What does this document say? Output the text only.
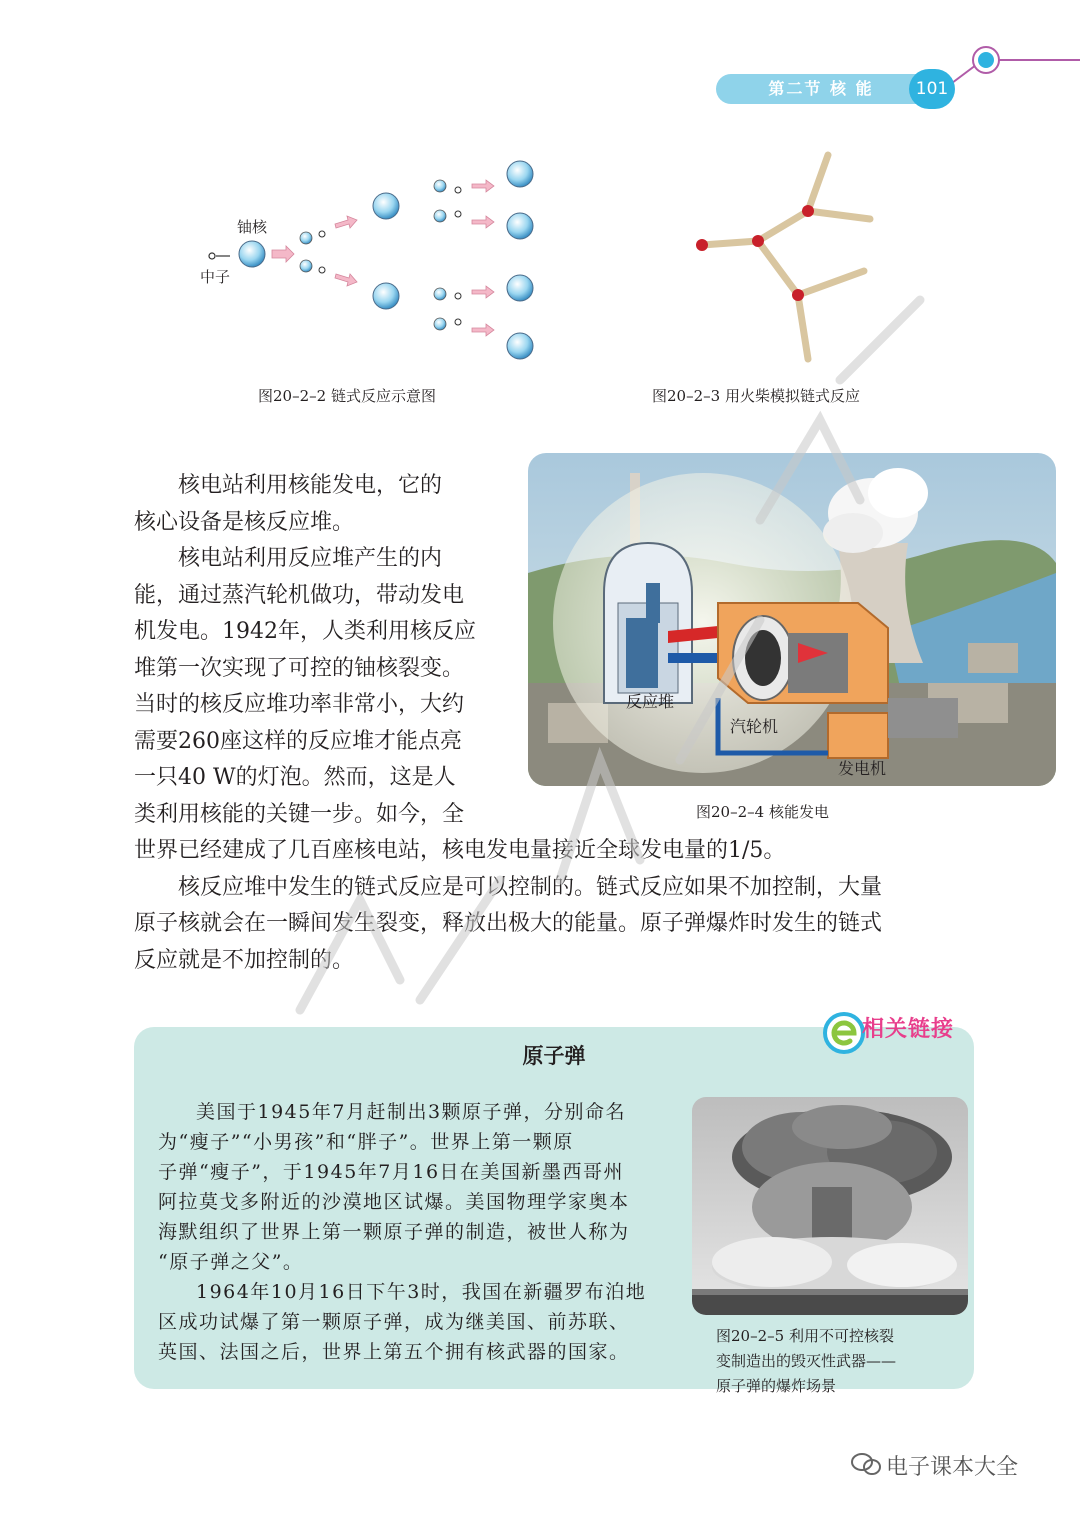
第二节 核 能	101
铀核
中子
图20–2–2 链式反应示意图	图20–2–3 用火柴模拟链式反应
核电站利用核能发电，它的
核心设备是核反应堆。
核电站利用反应堆产生的内
能，通过蒸汽轮机做功，带动发电
机发电。1942年，人类利用核反应
堆第一次实现了可控的铀核裂变。
当时的核反应堆功率非常小，大约
需要260座这样的反应堆才能点亮
一只40 W的灯泡。然而，这是人
类利用核能的关键一步。如今，全
世界已经建成了几百座核电站，核电发电量接近全球发电量的1/5。
核反应堆中发生的链式反应是可以控制的。链式反应如果不加控制，大量
原子核就会在一瞬间发生裂变，释放出极大的能量。原子弹爆炸时发生的链式
反应就是不加控制的。
反应堆
汽轮机
发电机
图20–2–4 核能发电
相关链接
原子弹
美国于1945年7月赶制出3颗原子弹，分别命名
为“瘦子”“小男孩”和“胖子”。世界上第一颗原
子弹“瘦子”，于1945年7月16日在美国新墨西哥州
阿拉莫戈多附近的沙漠地区试爆。美国物理学家奥本
海默组织了世界上第一颗原子弹的制造，被世人称为
“原子弹之父”。
1964年10月16日下午3时，我国在新疆罗布泊地
区成功试爆了第一颗原子弹，成为继美国、前苏联、
英国、法国之后，世界上第五个拥有核武器的国家。
图20–2–5 利用不可控核裂
变制造出的毁灭性武器——
原子弹的爆炸场景
电子课本大全
